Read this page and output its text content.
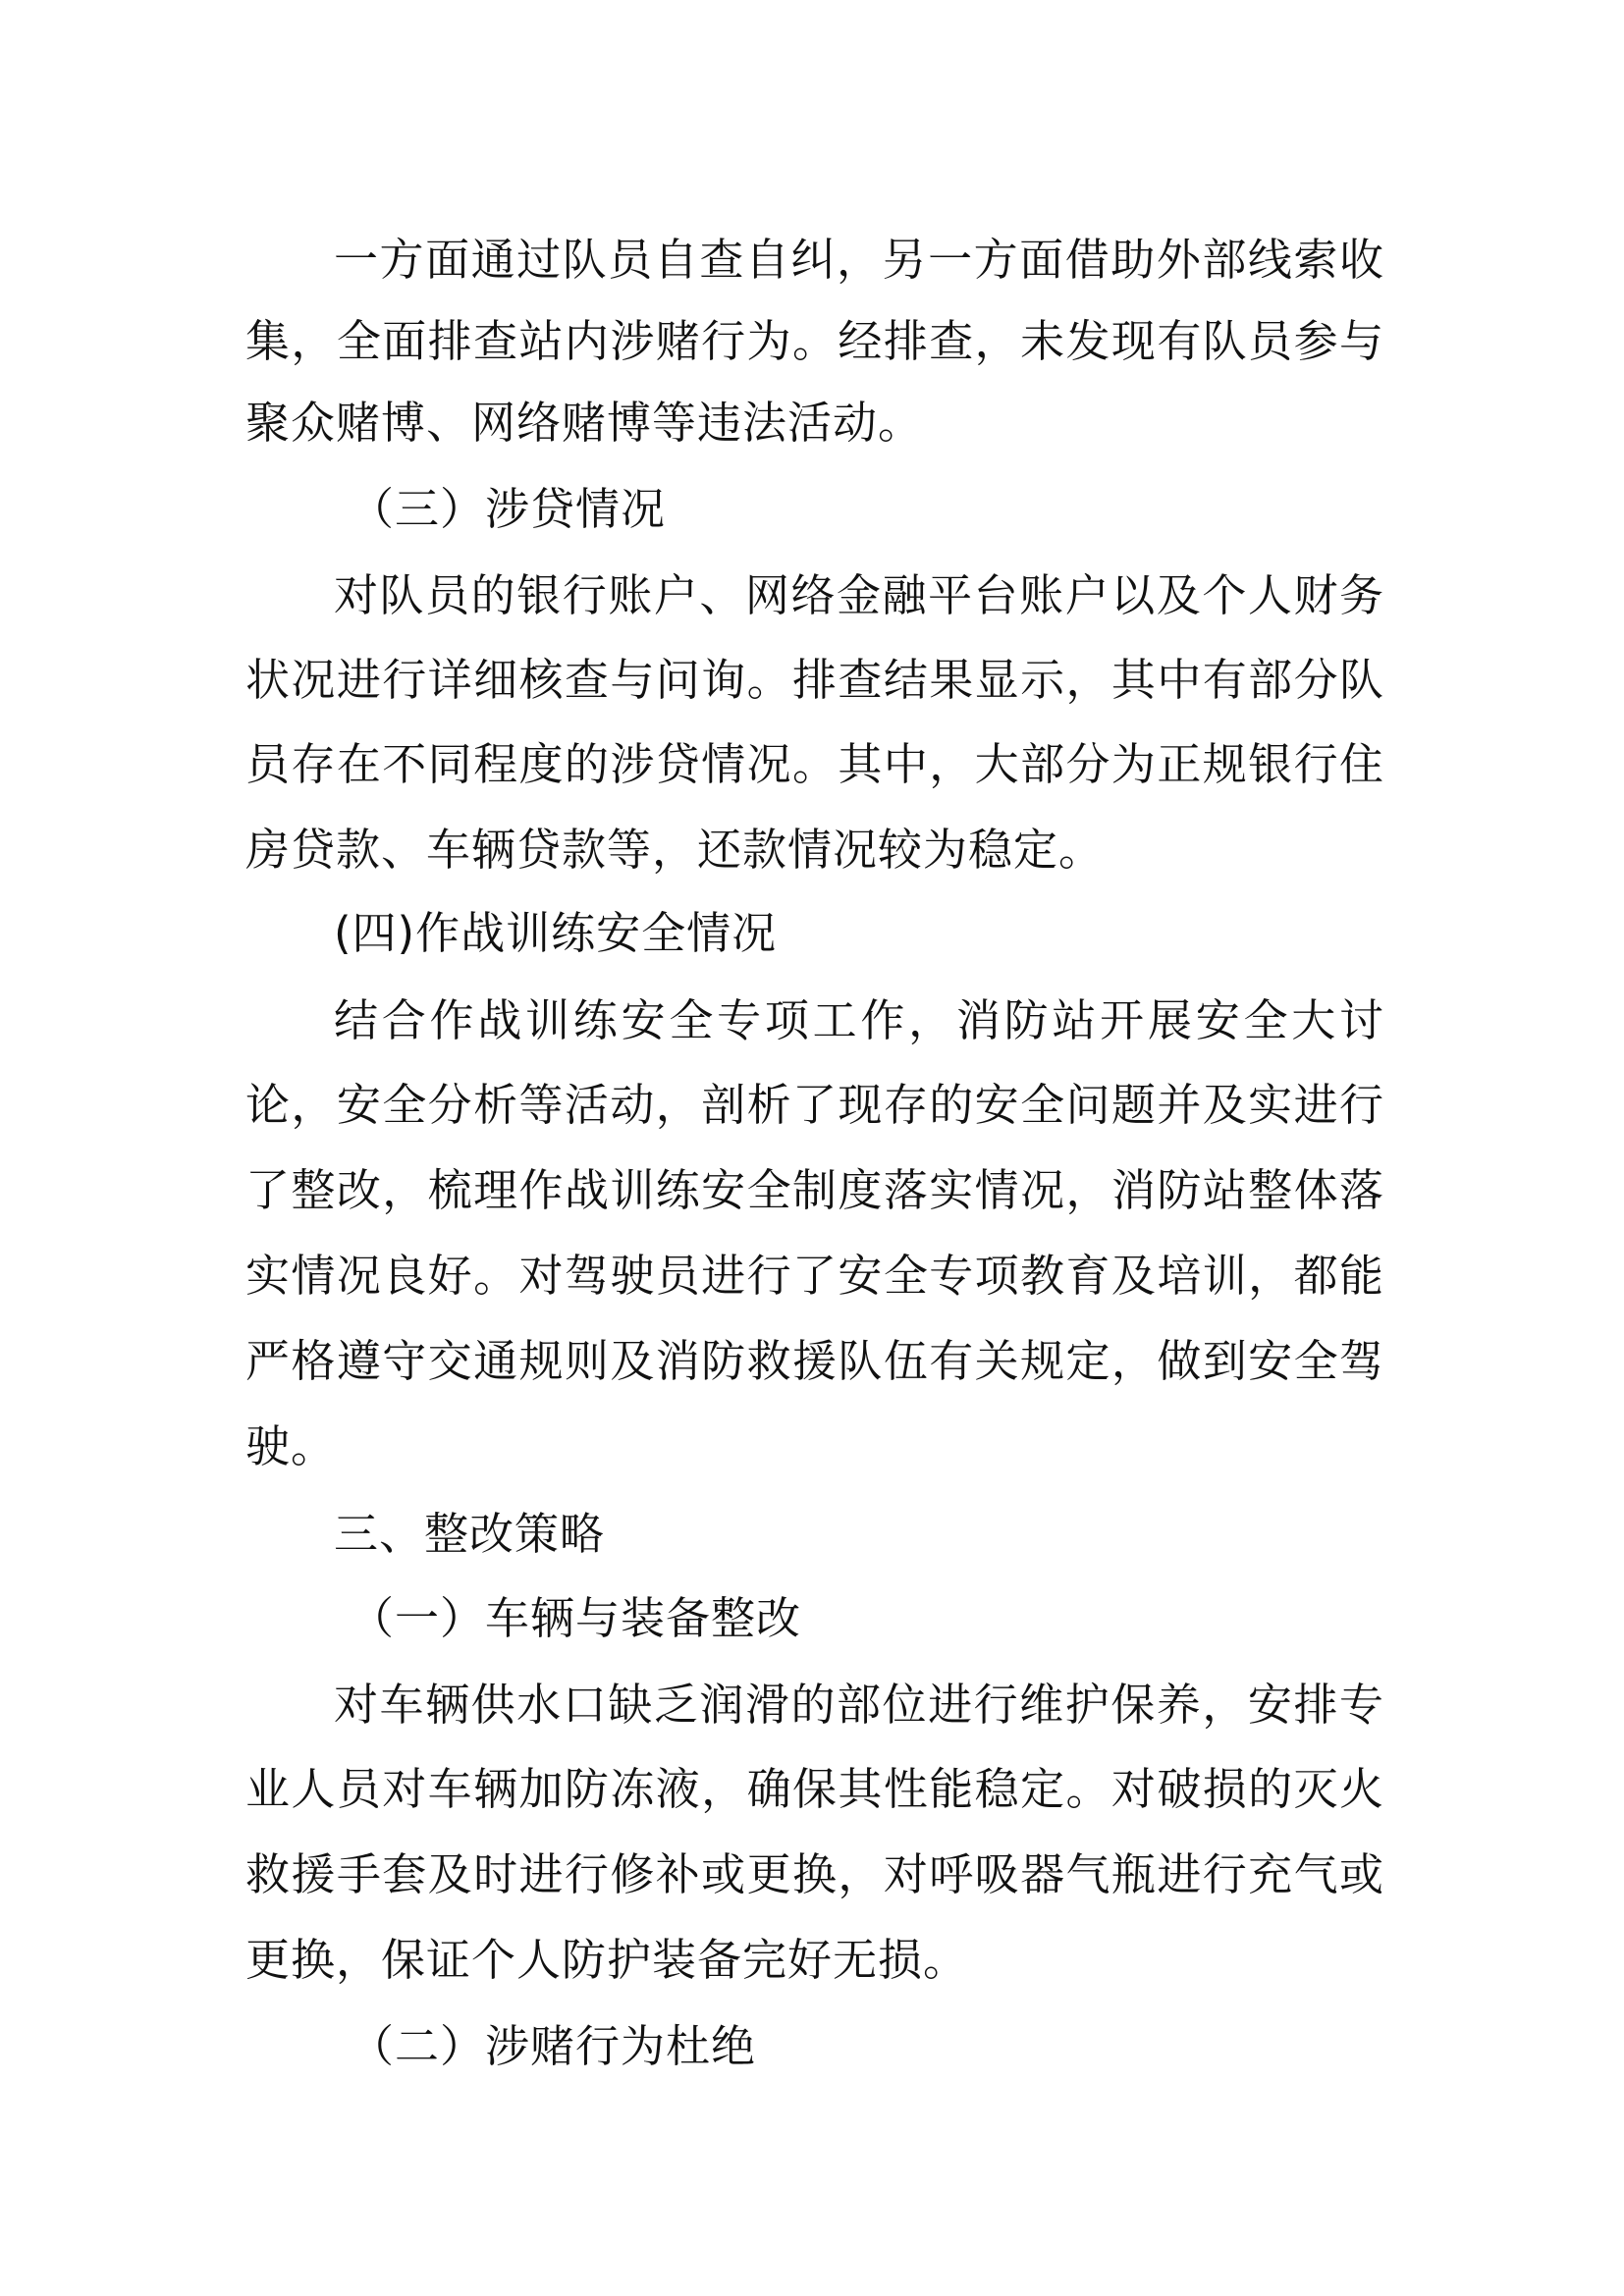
一方面通过队员自查自纠，另一方面借助外部线索收
集，全面排查站内涉赌行为。经排查，未发现有队员参与
聚众赌博、网络赌博等违法活动。
（三）涉贷情况
对队员的银行账户、网络金融平台账户以及个人财务
状况进行详细核查与问询。排查结果显示，其中有部分队
员存在不同程度的涉贷情况。其中，大部分为正规银行住
房贷款、车辆贷款等，还款情况较为稳定。
(四)作战训练安全情况
结合作战训练安全专项工作，消防站开展安全大讨
论，安全分析等活动，剖析了现存的安全问题并及实进行
了整改，梳理作战训练安全制度落实情况，消防站整体落
实情况良好。对驾驶员进行了安全专项教育及培训，都能
严格遵守交通规则及消防救援队伍有关规定，做到安全驾
驶。
三、整改策略
（一）车辆与装备整改
对车辆供水口缺乏润滑的部位进行维护保养，安排专
业人员对车辆加防冻液，确保其性能稳定。对破损的灭火
救援手套及时进行修补或更换，对呼吸器气瓶进行充气或
更换，保证个人防护装备完好无损。
（二）涉赌行为杜绝
